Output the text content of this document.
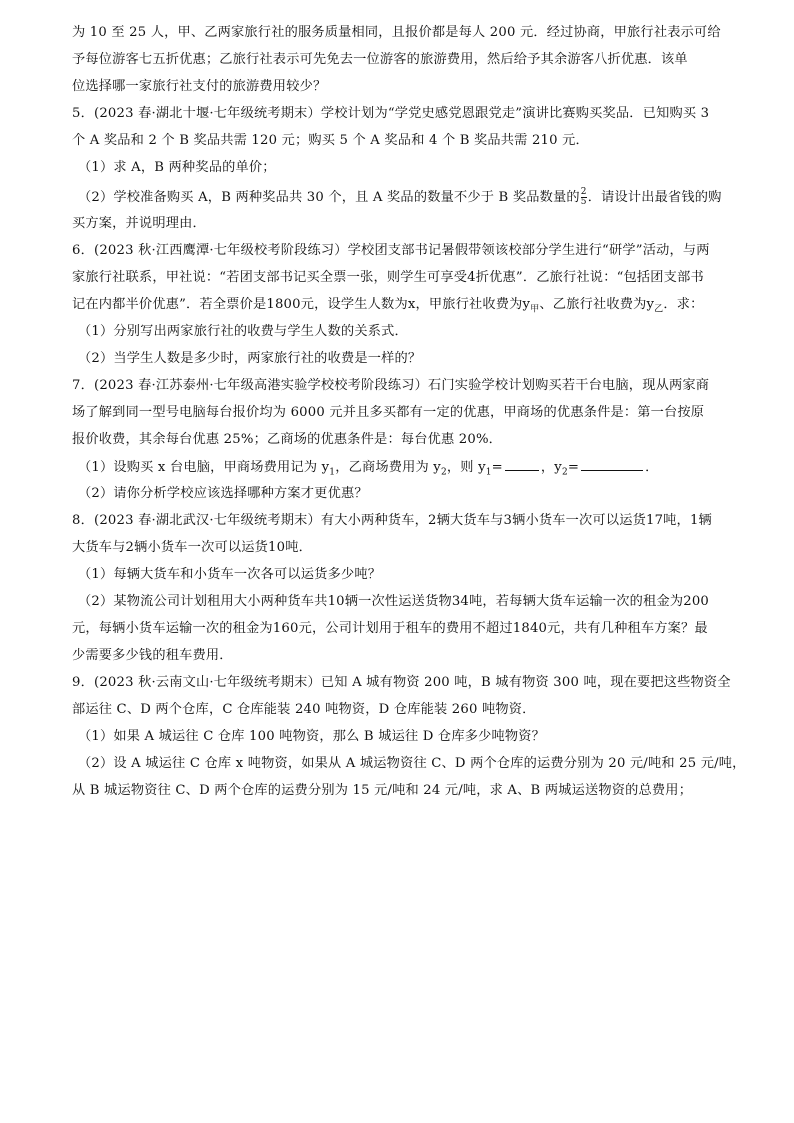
为 10 至 25 人，甲、乙两家旅行社的服务质量相同，且报价都是每人 200 元．经过协商，甲旅行社表示可给
予每位游客七五折优惠；乙旅行社表示可先免去一位游客的旅游费用，然后给予其余游客八折优惠．该单
位选择哪一家旅行社支付的旅游费用较少？
5．(2023 春·湖北十堰·七年级统考期末）学校计划为“学党史感党恩跟党走”演讲比赛购买奖品．已知购买 3
个 A 奖品和 2 个 B 奖品共需 120 元；购买 5 个 A 奖品和 4 个 B 奖品共需 210 元．
（1）求 A，B 两种奖品的单价；
（2）学校准备购买 A，B 两种奖品共 30 个，且 A 奖品的数量不少于 B 奖品数量的 $\frac{2}{5}$ ．请设计出最省钱的购
买方案，并说明理由．
6．(2023 秋·江西鹰潭·七年级校考阶段练习）学校团支部书记暑假带领该校部分学生进行“研学”活动，与两
家旅行社联系，甲社说：“若团支部书记买全票一张，则学生可享受4折优惠”．乙旅行社说：“包括团支部书
记在内都半价优惠”．若全票价是1800元，设学生人数为x，甲旅行社收费为$y_甲$、乙旅行社收费为$y_乙$．求：
（1）分别写出两家旅行社的收费与学生人数的关系式．
（2）当学生人数是多少时，两家旅行社的收费是一样的？
7．(2023 春·江苏泰州·七年级高港实验学校校考阶段练习）石门实验学校计划购买若干台电脑，现从两家商
场了解到同一型号电脑每台报价均为 6000 元并且多买都有一定的优惠，甲商场的优惠条件是：第一台按原
报价收费，其余每台优惠 25%；乙商场的优惠条件是：每台优惠 20%．
（1）设购买 x 台电脑，甲商场费用记为 $y_1$，乙商场费用为 $y_2$，则 $y_1=$	，$y_2=$	．
（2）请你分析学校应该选择哪种方案才更优惠？
8．(2023 春·湖北武汉·七年级统考期末）有大小两种货车，2辆大货车与3辆小货车一次可以运货17吨，1辆
大货车与2辆小货车一次可以运货10吨．
（1）每辆大货车和小货车一次各可以运货多少吨？
（2）某物流公司计划租用大小两种货车共10辆一次性运送货物34吨，若每辆大货车运输一次的租金为200
元，每辆小货车运输一次的租金为160元，公司计划用于租车的费用不超过1840元，共有几种租车方案？最
少需要多少钱的租车费用．
9．(2023 秋·云南文山·七年级统考期末）已知 A 城有物资 200 吨，B 城有物资 300 吨，现在要把这些物资全
部运往 C、D 两个仓库，C 仓库能装 240 吨物资，D 仓库能装 260 吨物资．
（1）如果 A 城运往 C 仓库 100 吨物资，那么 B 城运往 D 仓库多少吨物资？
（2）设 A 城运往 C 仓库 x 吨物资，如果从 A 城运物资往 C、D 两个仓库的运费分别为 20 元/吨和 25 元/吨，
从 B 城运物资往 C、D 两个仓库的运费分别为 15 元/吨和 24 元/吨，求 A、B 两城运送物资的总费用；
